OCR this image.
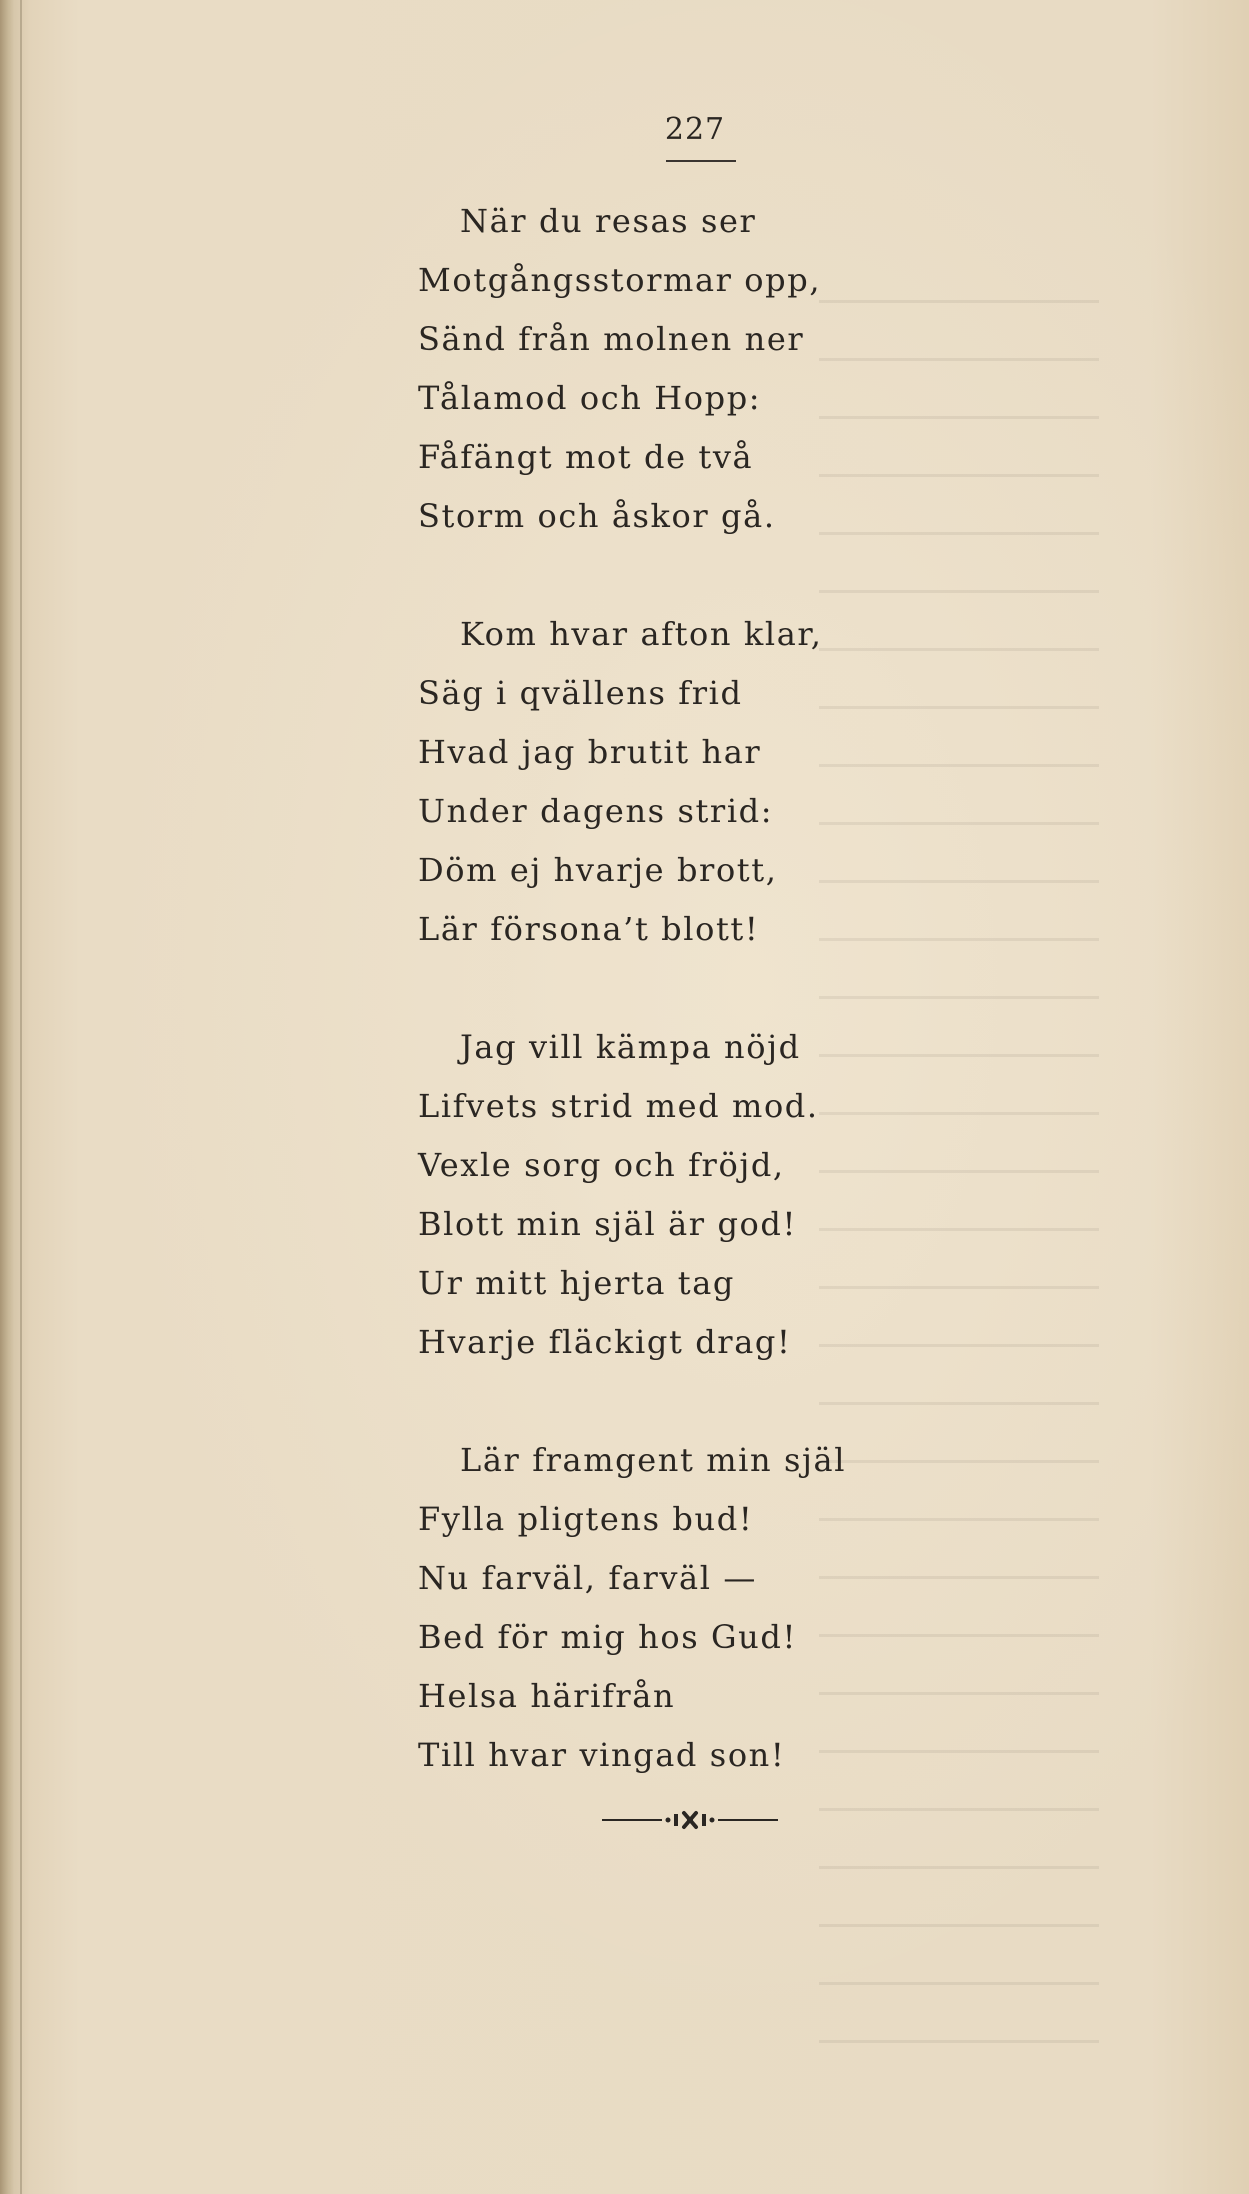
227
När du resas ser
Motgångsstormar opp,
Sänd från molnen ner
Tålamod och Hopp:
Fåfängt mot de två
Storm och åskor gå.
Kom hvar afton klar,
Säg i qvällens frid
Hvad jag brutit har
Under dagens strid:
Döm ej hvarje brott,
Lär försona’t blott!
Jag vill kämpa nöjd
Lifvets strid med mod.
Vexle sorg och fröjd,
Blott min själ är god!
Ur mitt hjerta tag
Hvarje fläckigt drag!
Lär framgent min själ
Fylla pligtens bud!
Nu farväl, farväl —
Bed för mig hos Gud!
Helsa härifrån
Till hvar vingad son!
